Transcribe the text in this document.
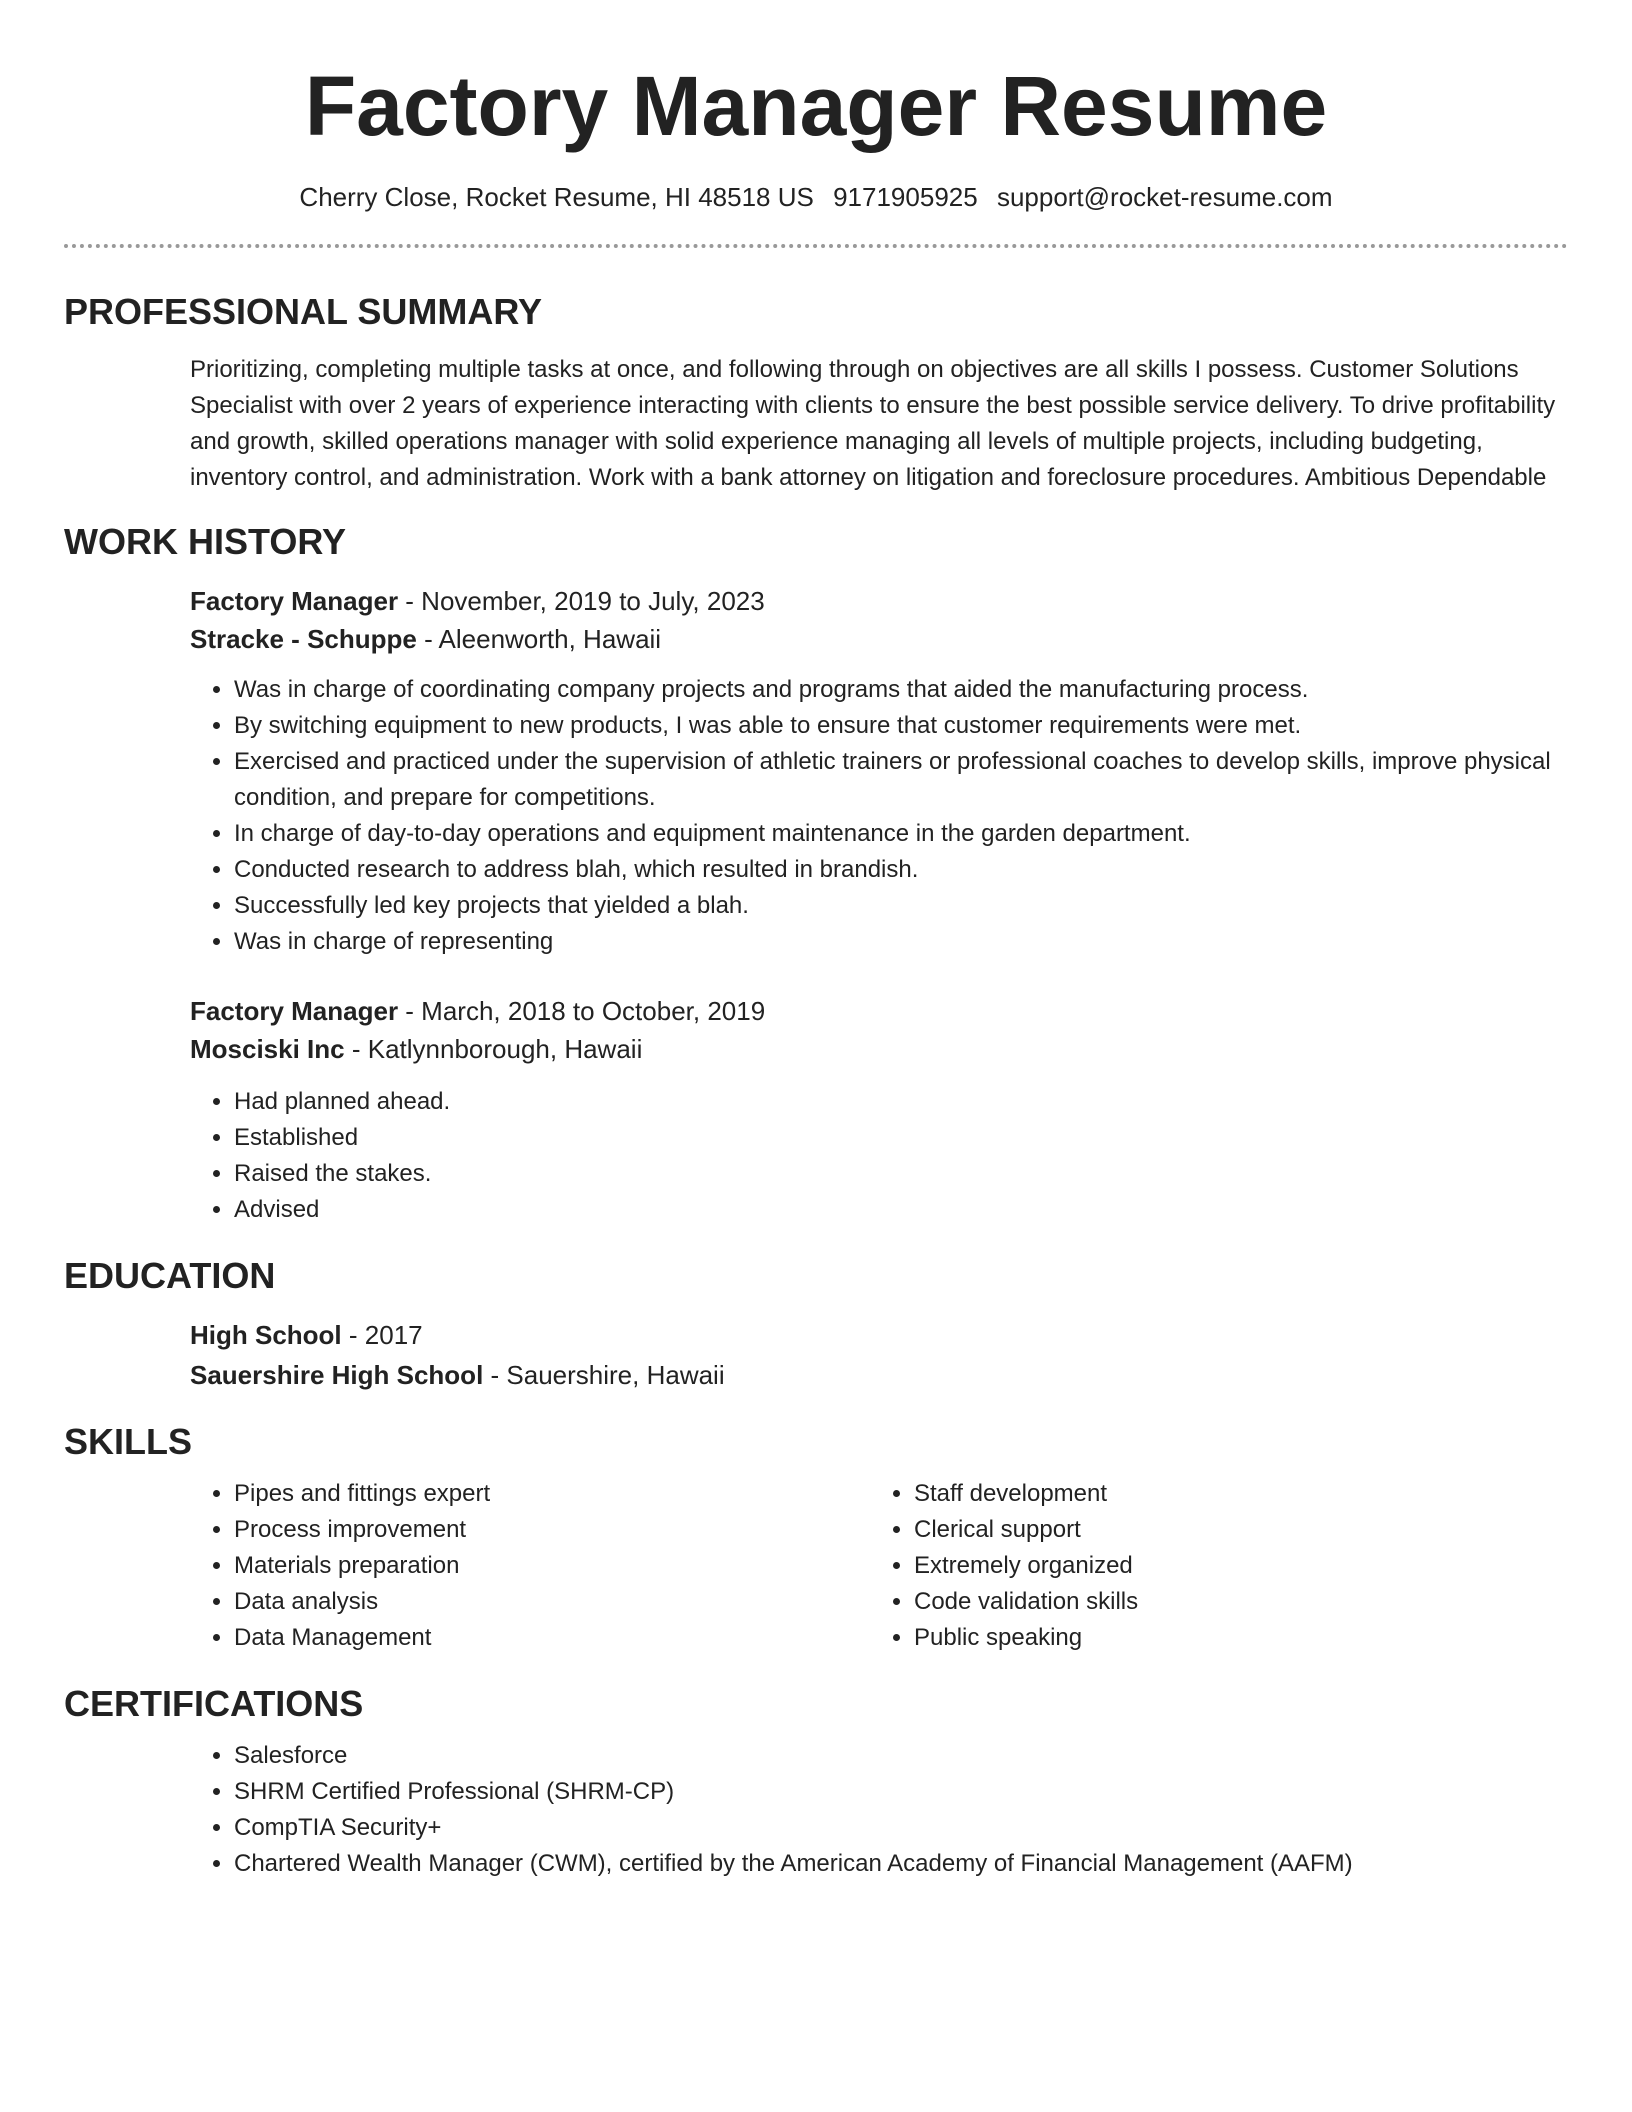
Factory Manager Resume
Cherry Close, Rocket Resume, HI 48518 US 9171905925 support@rocket-resume.com
PROFESSIONAL SUMMARY

Prioritizing, completing multiple tasks at once, and following through on objectives are all skills I possess. Customer Solutions Specialist with over 2 years of experience interacting with clients to ensure the best possible service delivery. To drive profitability and growth, skilled operations manager with solid experience managing all levels of multiple projects, including budgeting, inventory control, and administration. Work with a bank attorney on litigation and foreclosure procedures. Ambitious Dependable

WORK HISTORY
Factory Manager - November, 2019 to July, 2023
Stracke - Schuppe - Aleenworth, Hawaii
• Was in charge of coordinating company projects and programs that aided the manufacturing process.
• By switching equipment to new products, I was able to ensure that customer requirements were met.
• Exercised and practiced under the supervision of athletic trainers or professional coaches to develop skills, improve physical condition, and prepare for competitions.
• In charge of day-to-day operations and equipment maintenance in the garden department.
• Conducted research to address blah, which resulted in brandish.
• Successfully led key projects that yielded a blah.
• Was in charge of representing
Factory Manager - March, 2018 to October, 2019
Mosciski Inc - Katlynnborough, Hawaii
• Had planned ahead.
• Established
• Raised the stakes.
• Advised
EDUCATION
High School - 2017
Sauershire High School - Sauershire, Hawaii
SKILLS
• Pipes and fittings expert
• Process improvement
• Materials preparation
• Data analysis
• Data Management
• Staff development
• Clerical support
• Extremely organized
• Code validation skills
• Public speaking
CERTIFICATIONS
• Salesforce
• SHRM Certified Professional (SHRM-CP)
• CompTIA Security+
• Chartered Wealth Manager (CWM), certified by the American Academy of Financial Management (AAFM)
